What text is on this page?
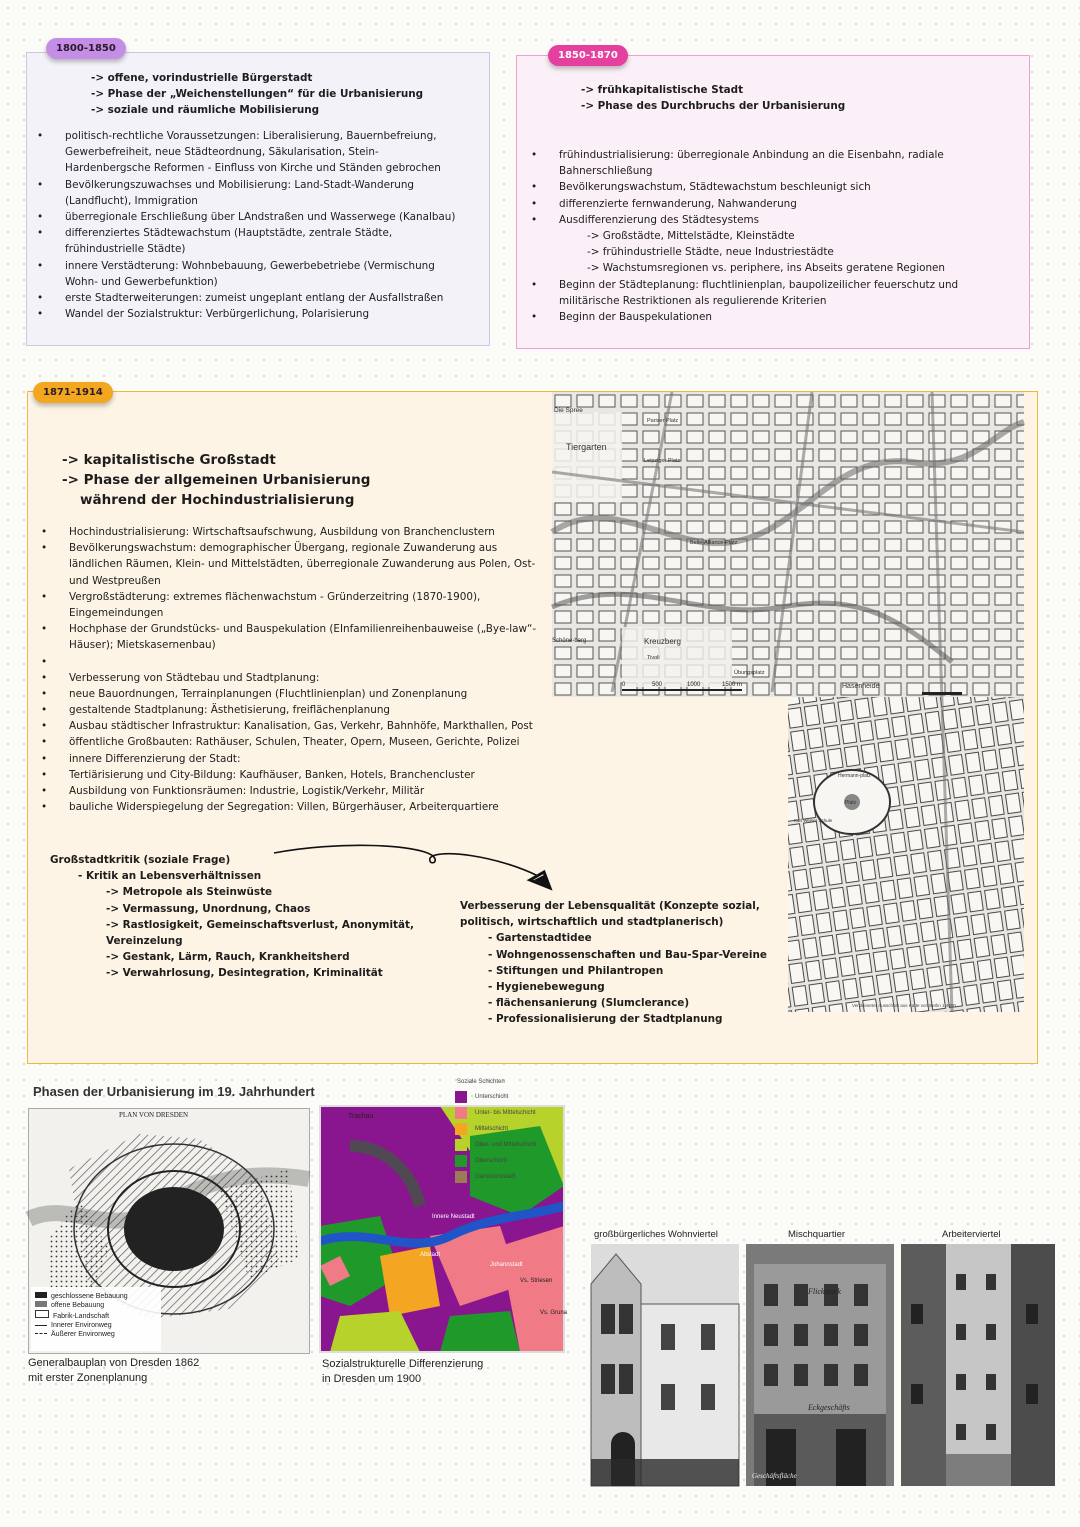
-> offene, vorindustrielle Bürgerstadt
-> Phase der „Weichenstellungen“ für die Urbanisierung
-> soziale und räumliche Mobilisierung
• politisch-rechtliche Voraussetzungen: Liberalisierung, Bauernbefreiung, Gewerbefreiheit, neue Städteordnung, Säkularisation, Stein-Hardenbergsche Reformen - Einfluss von Kirche und Ständen gebrochen
• Bevölkerungszuwachses und Mobilisierung: Land-Stadt-Wanderung (Landflucht), Immigration
• überregionale Erschließung über LAndstraßen und Wasserwege (Kanalbau)
• differenziertes Städtewachstum (Hauptstädte, zentrale Städte, frühindustrielle Städte)
• innere Verstädterung: Wohnbebauung, Gewerbebetriebe (Vermischung Wohn- und Gewerbefunktion)
• erste Stadterweiterungen: zumeist ungeplant entlang der Ausfallstraßen
• Wandel der Sozialstruktur: Verbürgerlichung, Polarisierung
1800-1850
-> frühkapitalistische Stadt
-> Phase des Durchbruchs der Urbanisierung
• frühindustrialisierung: überregionale Anbindung an die Eisenbahn, radiale Bahnerschließung
• Bevölkerungswachstum, Städtewachstum beschleunigt sich
• differenzierte fernwanderung, Nahwanderung
• Ausdifferenzierung des Städtesystems
-> Großstädte, Mittelstädte, Kleinstädte
-> frühindustrielle Städte, neue Industriestädte
-> Wachstumsregionen vs. periphere, ins Abseits geratene Regionen
• Beginn der Städteplanung: fluchtlinienplan, baupolizeilicher feuerschutz und militärische Restriktionen als regulierende Kriterien
• Beginn der Bauspekulationen
1850-1870
-> kapitalistische Großstadt
-> Phase der allgemeinen Urbanisierung während der Hochindustrialisierung
• Hochindustrialisierung: Wirtschaftsaufschwung, Ausbildung von Branchenclustern
• Bevölkerungswachstum: demographischer Übergang, regionale Zuwanderung aus ländlichen Räumen, Klein- und Mittelstädten, überregionale Zuwanderung aus Polen, Ost- und Westpreußen
• Vergroßstädterung: extremes flächenwachstum - Gründerzeitring (1870-1900), Eingemeindungen
• Hochphase der Grundstücks- und Bauspekulation (EInfamilienreihenbauweise („Bye-law“-Häuser); Mietskasernenbau)
•
• Verbesserung von Städtebau und Stadtplanung:
• neue Bauordnungen, Terrainplanungen (Fluchtlinienplan) und Zonenplanung
• gestaltende Stadtplanung: Ästhetisierung, freiflächenplanung
• Ausbau städtischer Infrastruktur: Kanalisation, Gas, Verkehr, Bahnhöfe, Markthallen, Post
• öffentliche Großbauten: Rathäuser, Schulen, Theater, Opern, Museen, Gerichte, Polizei
• innere Differenzierung der Stadt:
• Tertiärisierung und City-Bildung: Kaufhäuser, Banken, Hotels, Branchencluster
• Ausbildung von Funktionsräumen: Industrie, Logistik/Verkehr, Militär
• bauliche Widerspiegelung der Segregation: Villen, Bürgerhäuser, Arbeiterquartiere
Großstadtkritik (soziale Frage)
- Kritik an Lebensverhältnissen
-> Metropole als Steinwüste
-> Vermassung, Unordnung, Chaos
-> Rastlosigkeit, Gemeinschaftsverlust, Anonymität, Vereinzelung
-> Gestank, Lärm, Rauch, Krankheitsherd
-> Verwahrlosung, Desintegration, Kriminalität
Verbesserung der Lebensqualität (Konzepte sozial, politisch, wirtschaftlich und stadtplanerisch)
- Gartenstadtidee
- Wohngenossenschaften und Bau-Spar-Vereine
- Stiftungen und Philantropen
- Hygienebewegung
- flächensanierung (Slumclerance)
- Professionalisierung der Stadtplanung
1871-1914
Die Spree
Tiergarten
Pariser Platz
Leipziger Platz
Belle-Alliance-Platz
Kreuzberg
Tivoli
Schöne-berg
Übungsplatz
Hasenheide
Hermann-platz
Karl Weiser Schule
Platz
0	500	1000	1500 m
Verkleinerter Ausschnitt aus Karte von Berlin 1:4000
Phasen der Urbanisierung im 19. Jahrhundert
PLAN VON DRESDEN
geschlossene Bebauung
offene Bebauung
Fabrik-Landschaft
Innerer Environweg
Äußerer Environweg
Generalbauplan von Dresden 1862
mit erster Zonenplanung
Trachau
Innere Neustadt
Altstadt
Johannstadt
Vs. Striesen
Vs. Gruna
Soziale Schichten
Unterschicht
Unter- bis Mittelschicht
Mittelschicht
Ober- und Mittelschicht
Oberschicht
Garnisonsstadt
Sozialstrukturelle Differenzierung
in Dresden um 1900
großbürgerliches Wohnviertel	Mischquartier	Arbeiterviertel
Flickstuck
Eckgeschäfts
Geschäftsfläche
